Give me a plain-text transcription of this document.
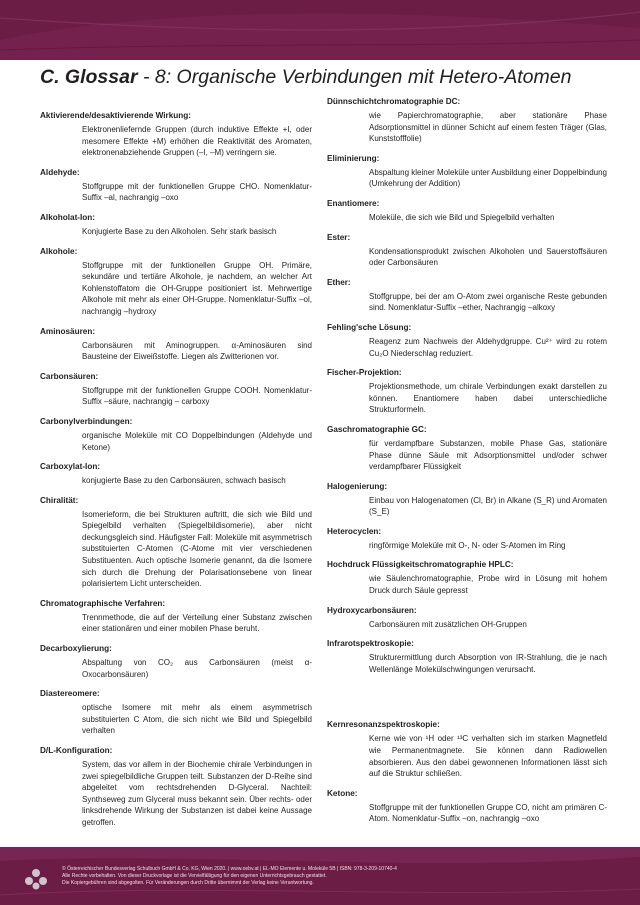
C. Glossar - 8: Organische Verbindungen mit Hetero-Atomen
Aktivierende/desaktivierende Wirkung:
Elektronenliefernde Gruppen (durch induktive Effekte +I, oder mesomere Effekte +M) erhöhen die Reaktivität des Aromaten, elektronenabziehende Gruppen (–I, –M) verringern sie.
Aldehyde:
Stoffgruppe mit der funktionellen Gruppe CHO. Nomenklatur-Suffix –al, nachrangig –oxo
Alkoholat-Ion:
Konjugierte Base zu den Alkoholen. Sehr stark basisch
Alkohole:
Stoffgruppe mit der funktionellen Gruppe OH. Primäre, sekundäre und tertiäre Alkohole, je nachdem, an welcher Art Kohlenstoffatom die OH-Gruppe positioniert ist. Mehrwertige Alkohole mit mehr als einer OH-Gruppe. Nomenklatur-Suffix –ol, nachrangig –hydroxy
Aminosäuren:
Carbonsäuren mit Aminogruppen. α-Aminosäuren sind Bausteine der Eiweißstoffe. Liegen als Zwitterionen vor.
Carbonsäuren:
Stoffgruppe mit der funktionellen Gruppe COOH. Nomenklatur-Suffix –säure, nachrangig – carboxy
Carbonylverbindungen:
organische Moleküle mit CO Doppelbindungen (Aldehyde und Ketone)
Carboxylat-Ion:
konjugierte Base zu den Carbonsäuren, schwach basisch
Chiralität:
Isomerieform, die bei Strukturen auftritt, die sich wie Bild und Spiegelbild verhalten (Spiegelbildisomerie), aber nicht deckungsgleich sind. Häufigster Fall: Moleküle mit asymmetrisch substituierten C-Atomen (C-Atome mit vier verschiedenen Substituenten. Auch optische Isomerie genannt, da die Isomere sich durch die Drehung der Polarisationsebene von linear polarisiertem Licht unterscheiden.
Chromatographische Verfahren:
Trennmethode, die auf der Verteilung einer Substanz zwischen einer stationären und einer mobilen Phase beruht.
Decarboxylierung:
Abspaltung von CO₂ aus Carbonsäuren (meist α-Oxocarbonsäuren)
Diastereomere:
optische Isomere mit mehr als einem asymmetrisch substituierten C Atom, die sich nicht wie Bild und Spiegelbild verhalten
D/L-Konfiguration:
System, das vor allem in der Biochemie chirale Verbindungen in zwei spiegelbildliche Gruppen teilt. Substanzen der D-Reihe sind abgeleitet vom rechtsdrehenden D-Glyceral. Nachteil: Synthseweg zum Glyceral muss bekannt sein. Über rechts- oder linksdrehende Wirkung der Substanzen ist dabei keine Aussage getroffen.
Dünnschichtchromatographie DC:
wie Papierchromatographie, aber stationäre Phase Adsorptionsmittel in dünner Schicht auf einem festen Träger (Glas, Kunststofffolie)
Eliminierung:
Abspaltung kleiner Moleküle unter Ausbildung einer Doppelbindung (Umkehrung der Addition)
Enantiomere:
Moleküle, die sich wie Bild und Spiegelbild verhalten
Ester:
Kondensationsprodukt zwischen Alkoholen und Sauerstoffsäuren oder Carbonsäuren
Ether:
Stoffgruppe, bei der am O-Atom zwei organische Reste gebunden sind. Nomenklatur-Suffix –ether, Nachrangig –alkoxy
Fehling'sche Lösung:
Reagenz zum Nachweis der Aldehydgruppe. Cu²⁺ wird zu rotem Cu₂O Niederschlag reduziert.
Fischer-Projektion:
Projektionsmethode, um chirale Verbindungen exakt darstellen zu können. Enantiomere haben dabei unterschiedliche Strukturformeln.
Gaschromatographie GC:
für verdampfbare Substanzen, mobile Phase Gas, stationäre Phase dünne Säule mit Adsorptionsmittel und/oder schwer verdampfbarer Flüssigkeit
Halogenierung:
Einbau von Halogenatomen (Cl, Br) in Alkane (S_R) und Aromaten (S_E)
Heterocyclen:
ringförmige Moleküle mit O-, N- oder S-Atomen im Ring
Hochdruck Flüssigkeitschromatographie HPLC:
wie Säulenchromatographie, Probe wird in Lösung mit hohem Druck durch Säule gepresst
Hydroxycarbonsäuren:
Carbonsäuren mit zusätzlichen OH-Gruppen
Infrarotspektroskopie:
Strukturermittlung durch Absorption von IR-Strahlung, die je nach Wellenlänge Molekülschwingungen verursacht.
Kernresonanzspektroskopie:
Kerne wie von ¹H oder ¹³C verhalten sich im starken Magnetfeld wie Permanentmagnete. Sie können dann Radiowellen absorbieren. Aus den dabei gewonnenen Informationen lässt sich auf die Struktur schließen.
Ketone:
Stoffgruppe mit der funktionellen Gruppe CO, nicht am primären C-Atom. Nomenklatur-Suffix –on, nachrangig –oxo
© Österreichischer Bundesverlag Schulbuch GmbH & Co. KG, Wien 2020. | www.oebv.at | EL-MO Elemente u. Moleküle 5B | ISBN: 978-3-209-10740-4
Alle Rechte vorbehalten. Von dieser Druckvorlage ist die Vervielfältigung für den eigenen Unterrichtsgebrauch gestattet.
Die Kopiergebühren sind abgegolten. Für Veränderungen durch Dritte übernimmt der Verlag keine Verantwortung.
